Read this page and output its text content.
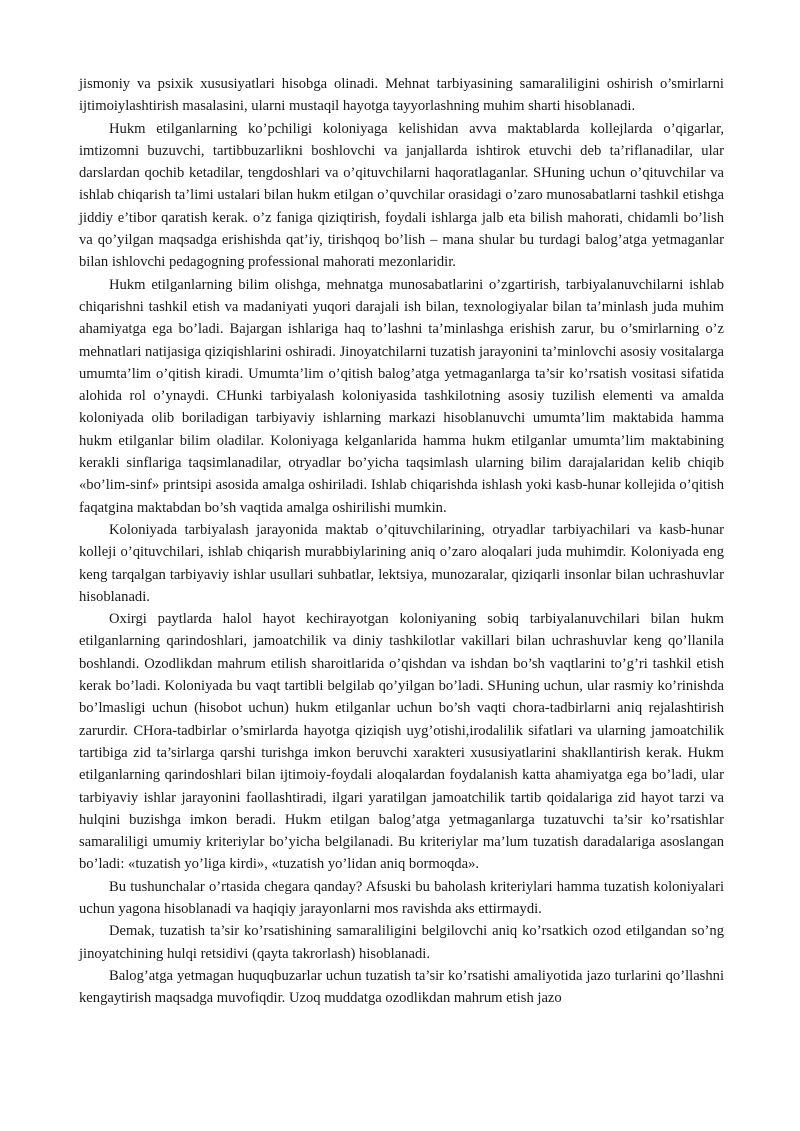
jismoniy va psixik xususiyatlari hisobga olinadi. Mehnat tarbiyasining samaraliligini oshirish o’smirlarni ijtimoiylashtirish masalasini, ularni mustaqil hayotga tayyorlashning muhim sharti hisoblanadi.

Hukm etilganlarning ko’pchiligi koloniyaga kelishidan avva maktablarda kollejlarda o’qigarlar, imtizomni buzuvchi, tartibbuzarlikni boshlovchi va janjallarda ishtirok etuvchi deb ta’riflanadilar, ular darslardan qochib ketadilar, tengdoshlari va o’qituvchilarni haqoratlaganlar. SHuning uchun o’qituvchilar va ishlab chiqarish ta’limi ustalari bilan hukm etilgan o’quvchilar orasidagi o’zaro munosabatlarni tashkil etishga jiddiy e’tibor qaratish kerak. o’z faniga qiziqtirish, foydali ishlarga jalb eta bilish mahorati, chidamli bo’lish va qo’yilgan maqsadga erishishda qat’iy, tirishqoq bo’lish – mana shular bu turdagi balog’atga yetmaganlar bilan ishlovchi pedagogning professional mahorati mezonlaridir.

Hukm etilganlarning bilim olishga, mehnatga munosabatlarini o’zgartirish, tarbiyalanuvchilarni ishlab chiqarishni tashkil etish va madaniyati yuqori darajali ish bilan, texnologiyalar bilan ta’minlash juda muhim ahamiyatga ega bo’ladi. Bajargan ishlariga haq to’lashni ta’minlashga erishish zarur, bu o’smirlarning o’z mehnatlari natijasiga qiziqishlarini oshiradi. Jinoyatchilarni tuzatish jarayonini ta’minlovchi asosiy vositalarga umumta’lim o’qitish kiradi. Umumta’lim o’qitish balog’atga yetmaganlarga ta’sir ko’rsatish vositasi sifatida alohida rol o’ynaydi. CHunki tarbiyalash koloniyasida tashkilotning asosiy tuzilish elementi va amalda koloniyada olib boriladigan tarbiyaviy ishlarning markazi hisoblanuvchi umumta’lim maktabida hamma hukm etilganlar bilim oladilar. Koloniyaga kelganlarida hamma hukm etilganlar umumta’lim maktabining kerakli sinflariga taqsimlanadilar, otryadlar bo’yicha taqsimlash ularning bilim darajalaridan kelib chiqib «bo’lim-sinf» printsipi asosida amalga oshiriladi. Ishlab chiqarishda ishlash yoki kasb-hunar kollejida o’qitish faqatgina maktabdan bo’sh vaqtida amalga oshirilishi mumkin.

Koloniyada tarbiyalash jarayonida maktab o’qituvchilarining, otryadlar tarbiyachilari va kasb-hunar kolleji o’qituvchilari, ishlab chiqarish murabbiylarining aniq o’zaro aloqalari juda muhimdir. Koloniyada eng keng tarqalgan tarbiyaviy ishlar usullari suhbatlar, lektsiya, munozaralar, qiziqarli insonlar bilan uchrashuvlar hisoblanadi.

Oxirgi paytlarda halol hayot kechirayotgan koloniyaning sobiq tarbiyalanuvchilari bilan hukm etilganlarning qarindoshlari, jamoatchilik va diniy tashkilotlar vakillari bilan uchrashuvlar keng qo’llanila boshlandi. Ozodlikdan mahrum etilish sharoitlarida o’qishdan va ishdan bo’sh vaqtlarini to’g’ri tashkil etish kerak bo’ladi. Koloniyada bu vaqt tartibli belgilab qo’yilgan bo’ladi. SHuning uchun, ular rasmiy ko’rinishda bo’lmasligi uchun (hisobot uchun) hukm etilganlar uchun bo’sh vaqti chora-tadbirlarni aniq rejalashtirish zarurdir. CHora-tadbirlar o’smirlarda hayotga qiziqish uyg’otishi,irodalilik sifatlari va ularning jamoatchilik tartibiga zid ta’sirlarga qarshi turishga imkon beruvchi xarakteri xususiyatlarini shakllantirish kerak. Hukm etilganlarning qarindoshlari bilan ijtimoiy-foydali aloqalardan foydalanish katta ahamiyatga ega bo’ladi, ular tarbiyaviy ishlar jarayonini faollashtiradi, ilgari yaratilgan jamoatchilik tartib qoidalariga zid hayot tarzi va hulqini buzishga imkon beradi. Hukm etilgan balog’atga yetmaganlarga tuzatuvchi ta’sir ko’rsatishlar samaraliligi umumiy kriteriylar bo’yicha belgilanadi. Bu kriteriylar ma’lum tuzatish daradalariga asoslangan bo’ladi: «tuzatish yo’liga kirdi», «tuzatish yo’lidan aniq bormoqda».

Bu tushunchalar o’rtasida chegara qanday? Afsuski bu baholash kriteriylari hamma tuzatish koloniyalari uchun yagona hisoblanadi va haqiqiy jarayonlarni mos ravishda aks ettirmaydi.

Demak, tuzatish ta’sir ko’rsatishining samaraliligini belgilovchi aniq ko’rsatkich ozod etilgandan so’ng jinoyatchining hulqi retsidivi (qayta takrorlash) hisoblanadi.

Balog’atga yetmagan huquqbuzarlar uchun tuzatish ta’sir ko’rsatishi amaliyotida jazo turlarini qo’llashni kengaytirish maqsadga muvofiqdir. Uzoq muddatga ozodlikdan mahrum etish jazo
